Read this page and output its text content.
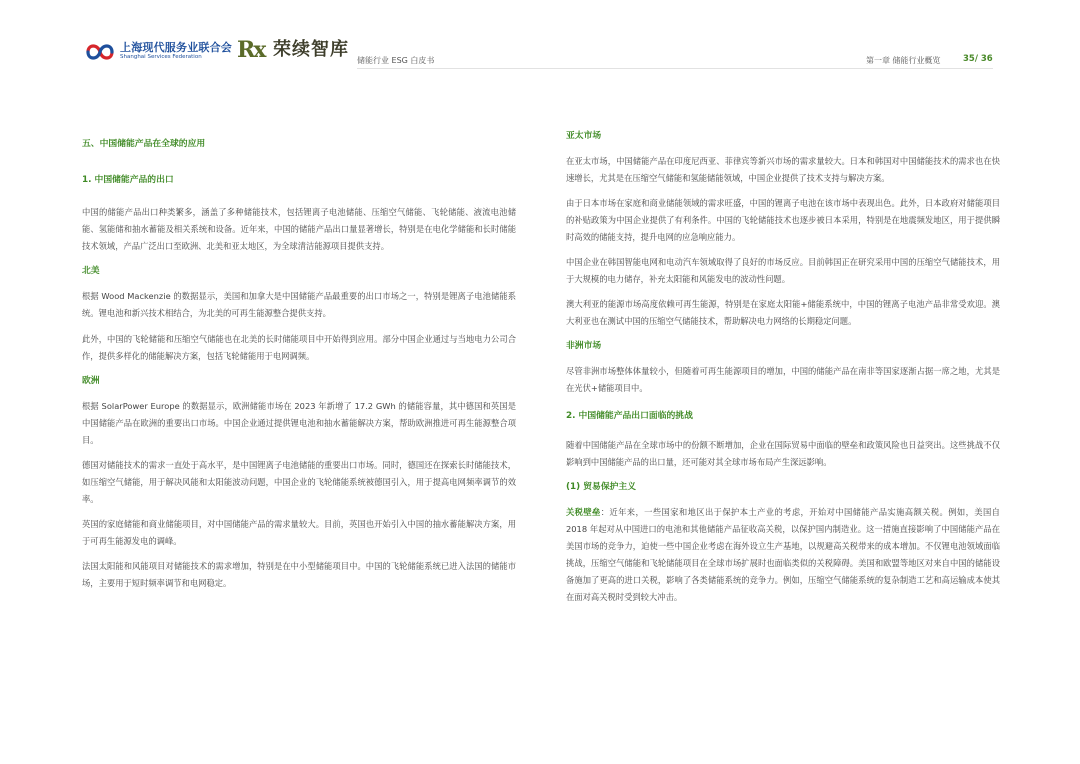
上海现代服务业联合会
Shanghai Services Federation Rx 荣续智库
储能行业 ESG 白皮书	第一章 储能行业概览	35/ 36
五、中国储能产品在全球的应用
1. 中国储能产品的出口

中国的储能产品出口种类繁多，涵盖了多种储能技术，包括锂离子电池储能、压缩空气储能、飞轮储能、液流电池储能、氢能储和抽水蓄能及相关系统和设备。近年来，中国的储能产品出口量显著增长，特别是在电化学储能和长时储能技术领域，产品广泛出口至欧洲、北美和亚太地区，为全球清洁能源项目提供支持。

北美

根据 Wood Mackenzie 的数据显示，美国和加拿大是中国储能产品最重要的出口市场之一，特别是锂离子电池储能系统。锂电池和新兴技术相结合，为北美的可再生能源整合提供支持。

此外，中国的飞轮储能和压缩空气储能也在北美的长时储能项目中开始得到应用。部分中国企业通过与当地电力公司合作，提供多样化的储能解决方案，包括飞轮储能用于电网调频。

欧洲

根据 SolarPower Europe 的数据显示，欧洲储能市场在 2023 年新增了 17.2 GWh 的储能容量，其中德国和英国是中国储能产品在欧洲的重要出口市场。中国企业通过提供锂电池和抽水蓄能解决方案，帮助欧洲推进可再生能源整合项目。

德国对储能技术的需求一直处于高水平，是中国锂离子电池储能的重要出口市场。同时，德国还在探索长时储能技术，如压缩空气储能，用于解决风能和太阳能波动问题，中国企业的飞轮储能系统被德国引入，用于提高电网频率调节的效率。

英国的家庭储能和商业储能项目，对中国储能产品的需求量较大。目前，英国也开始引入中国的抽水蓄能解决方案，用于可再生能源发电的调峰。

法国太阳能和风能项目对储能技术的需求增加，特别是在中小型储能项目中。中国的飞轮储能系统已进入法国的储能市场，主要用于短时频率调节和电网稳定。

亚太市场

在亚太市场，中国储能产品在印度尼西亚、菲律宾等新兴市场的需求量较大。日本和韩国对中国储能技术的需求也在快速增长，尤其是在压缩空气储能和氢能储能领域，中国企业提供了技术支持与解决方案。

由于日本市场在家庭和商业储能领域的需求旺盛，中国的锂离子电池在该市场中表现出色。此外，日本政府对储能项目的补贴政策为中国企业提供了有利条件。中国的飞轮储能技术也逐步被日本采用，特别是在地震频发地区，用于提供瞬时高效的储能支持，提升电网的应急响应能力。

中国企业在韩国智能电网和电动汽车领域取得了良好的市场反应。目前韩国正在研究采用中国的压缩空气储能技术，用于大规模的电力储存，补充太阳能和风能发电的波动性问题。

澳大利亚的能源市场高度依赖可再生能源，特别是在家庭太阳能+储能系统中，中国的锂离子电池产品非常受欢迎。澳大利亚也在测试中国的压缩空气储能技术，帮助解决电力网络的长期稳定问题。

非洲市场

尽管非洲市场整体体量较小，但随着可再生能源项目的增加，中国的储能产品在南非等国家逐渐占据一席之地，尤其是在光伏+储能项目中。

2. 中国储能产品出口面临的挑战

随着中国储能产品在全球市场中的份额不断增加，企业在国际贸易中面临的壁垒和政策风险也日益突出。这些挑战不仅影响到中国储能产品的出口量，还可能对其全球市场布局产生深远影响。

(1) 贸易保护主义

关税壁垒：近年来，一些国家和地区出于保护本土产业的考虑，开始对中国储能产品实施高额关税。例如，美国自 2018 年起对从中国进口的电池和其他储能产品征收高关税，以保护国内制造业。这一措施直接影响了中国储能产品在美国市场的竞争力，迫使一些中国企业考虑在海外设立生产基地，以规避高关税带来的成本增加。不仅锂电池领域面临挑战，压缩空气储能和飞轮储能项目在全球市场扩展时也面临类似的关税障碍。美国和欧盟等地区对来自中国的储能设备施加了更高的进口关税，影响了各类储能系统的竞争力。例如，压缩空气储能系统的复杂制造工艺和高运输成本使其在面对高关税时受到较大冲击。
